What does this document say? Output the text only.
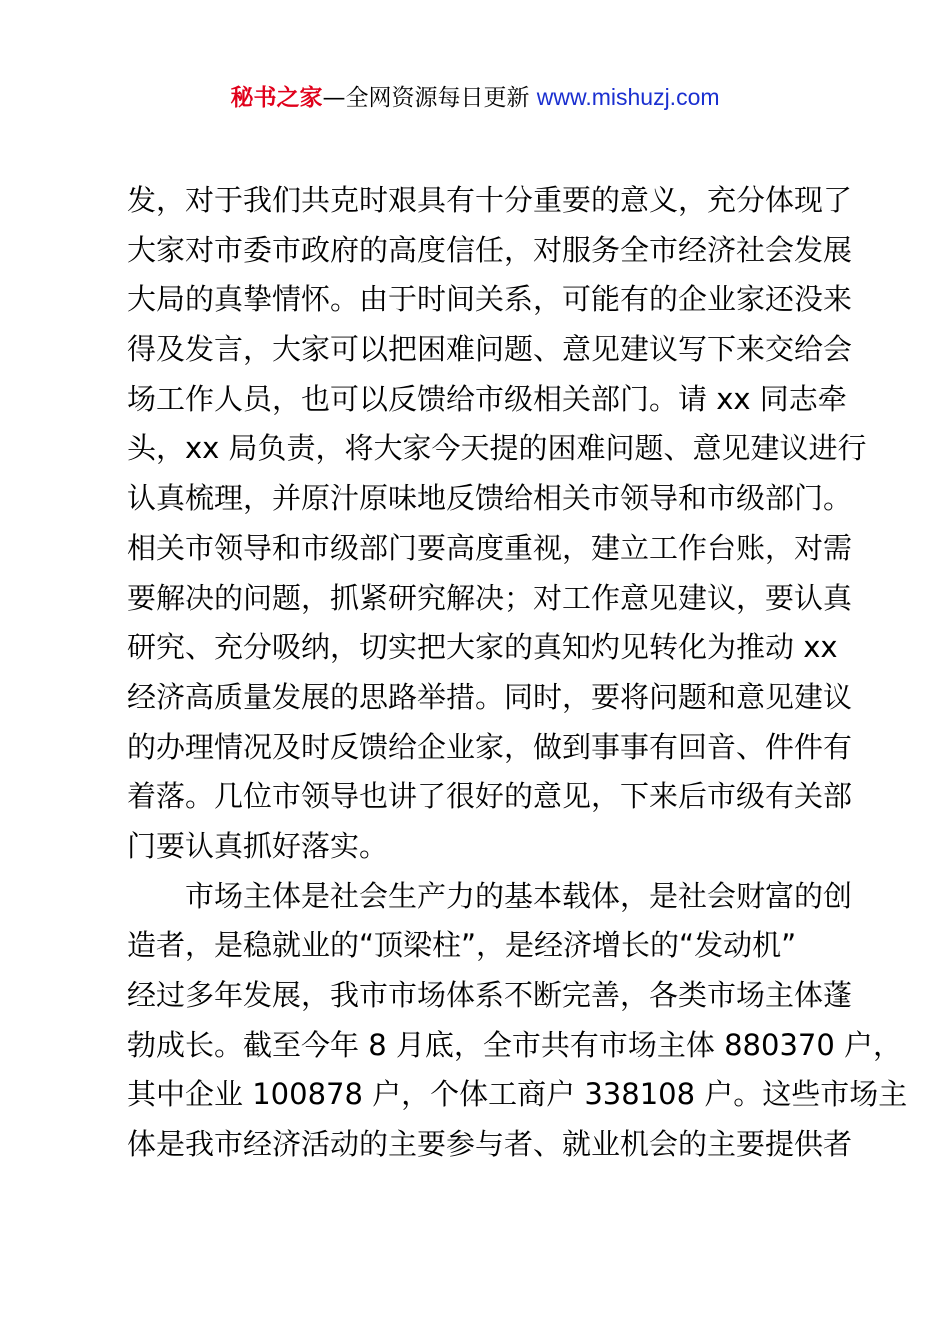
秘书之家—全网资源每日更新 www.mishuzj.com
发，对于我们共克时艰具有十分重要的意义，充分体现了
大家对市委市政府的高度信任，对服务全市经济社会发展
大局的真挚情怀。由于时间关系，可能有的企业家还没来
得及发言，大家可以把困难问题、意见建议写下来交给会
场工作人员，也可以反馈给市级相关部门。请 xx 同志牵
头，xx 局负责，将大家今天提的困难问题、意见建议进行
认真梳理，并原汁原味地反馈给相关市领导和市级部门。
相关市领导和市级部门要高度重视，建立工作台账，对需
要解决的问题，抓紧研究解决；对工作意见建议，要认真
研究、充分吸纳，切实把大家的真知灼见转化为推动 xx
经济高质量发展的思路举措。同时，要将问题和意见建议
的办理情况及时反馈给企业家，做到事事有回音、件件有
着落。几位市领导也讲了很好的意见，下来后市级有关部
门要认真抓好落实。
市场主体是社会生产力的基本载体，是社会财富的创
造者，是稳就业的“顶梁柱”，是经济增长的“发动机”
经过多年发展，我市市场体系不断完善，各类市场主体蓬
勃成长。截至今年 8 月底，全市共有市场主体 880370 户，
其中企业 100878 户，个体工商户 338108 户。这些市场主
体是我市经济活动的主要参与者、就业机会的主要提供者
